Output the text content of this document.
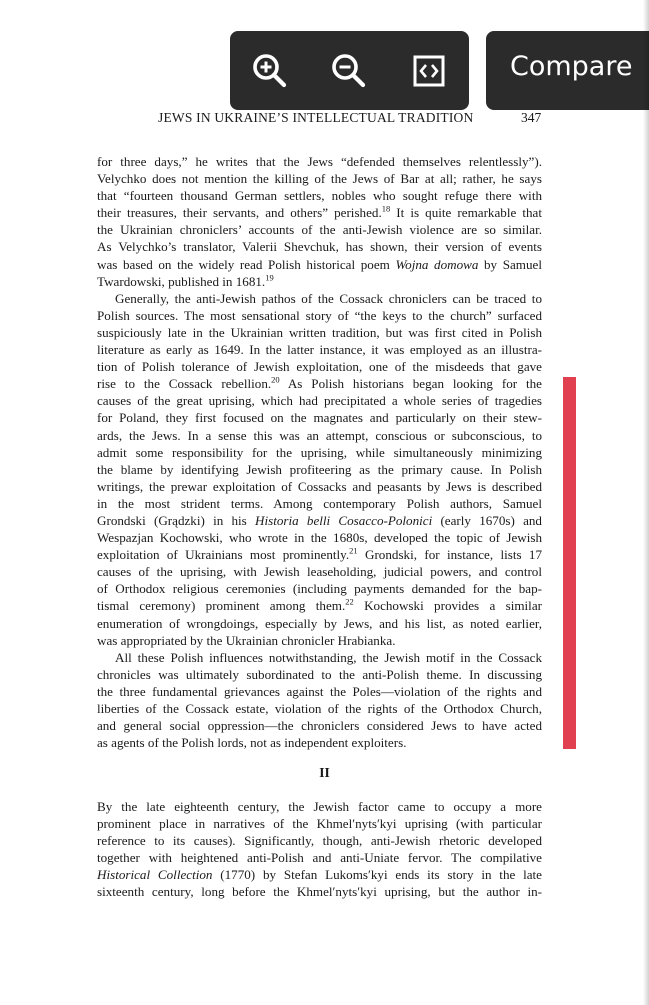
JEWS IN UKRAINE’S INTELLECTUAL TRADITION	347
for three days,” he writes that the Jews “defended themselves relentlessly”).
Velychko does not mention the killing of the Jews of Bar at all; rather, he says
that “fourteen thousand German settlers, nobles who sought refuge there with
their treasures, their servants, and others” perished.$^{18}$ It is quite remarkable that
the Ukrainian chroniclers’ accounts of the anti-Jewish violence are so similar.
As Velychko’s translator, Valerii Shevchuk, has shown, their version of events
was based on the widely read Polish historical poem Wojna domowa by Samuel
Twardowski, published in 1681.19
Generally, the anti-Jewish pathos of the Cossack chroniclers can be traced to
Polish sources. The most sensational story of “the keys to the church” surfaced
suspiciously late in the Ukrainian written tradition, but was first cited in Polish
literature as early as 1649. In the latter instance, it was employed as an illustra-
tion of Polish tolerance of Jewish exploitation, one of the misdeeds that gave
rise to the Cossack rebellion.$^{20}$ As Polish historians began looking for the
causes of the great uprising, which had precipitated a whole series of tragedies
for Poland, they first focused on the magnates and particularly on their stew-
ards, the Jews. In a sense this was an attempt, conscious or subconscious, to
admit some responsibility for the uprising, while simultaneously minimizing
the blame by identifying Jewish profiteering as the primary cause. In Polish
writings, the prewar exploitation of Cossacks and peasants by Jews is described
in the most strident terms. Among contemporary Polish authors, Samuel
Grondski (Grądzki) in his Historia belli Cosacco-Polonici (early 1670s) and
Wespazjan Kochowski, who wrote in the 1680s, developed the topic of Jewish
exploitation of Ukrainians most prominently.$^{21}$ Grondski, for instance, lists 17
causes of the uprising, with Jewish leaseholding, judicial powers, and control
of Orthodox religious ceremonies (including payments demanded for the bap-
tismal ceremony) prominent among them.$^{22}$ Kochowski provides a similar
enumeration of wrongdoings, especially by Jews, and his list, as noted earlier,
was appropriated by the Ukrainian chronicler Hrabianka.
All these Polish influences notwithstanding, the Jewish motif in the Cossack
chronicles was ultimately subordinated to the anti-Polish theme. In discussing
the three fundamental grievances against the Poles—violation of the rights and
liberties of the Cossack estate, violation of the rights of the Orthodox Church,
and general social oppression—the chroniclers considered Jews to have acted
as agents of the Polish lords, not as independent exploiters.
II
By the late eighteenth century, the Jewish factor came to occupy a more
prominent place in narratives of the Khmel′nyts′kyi uprising (with particular
reference to its causes). Significantly, though, anti-Jewish rhetoric developed
together with heightened anti-Polish and anti-Uniate fervor. The compilative
Historical Collection (1770) by Stefan Lukoms′kyi ends its story in the late
sixteenth century, long before the Khmel′nyts′kyi uprising, but the author in-
Compare
